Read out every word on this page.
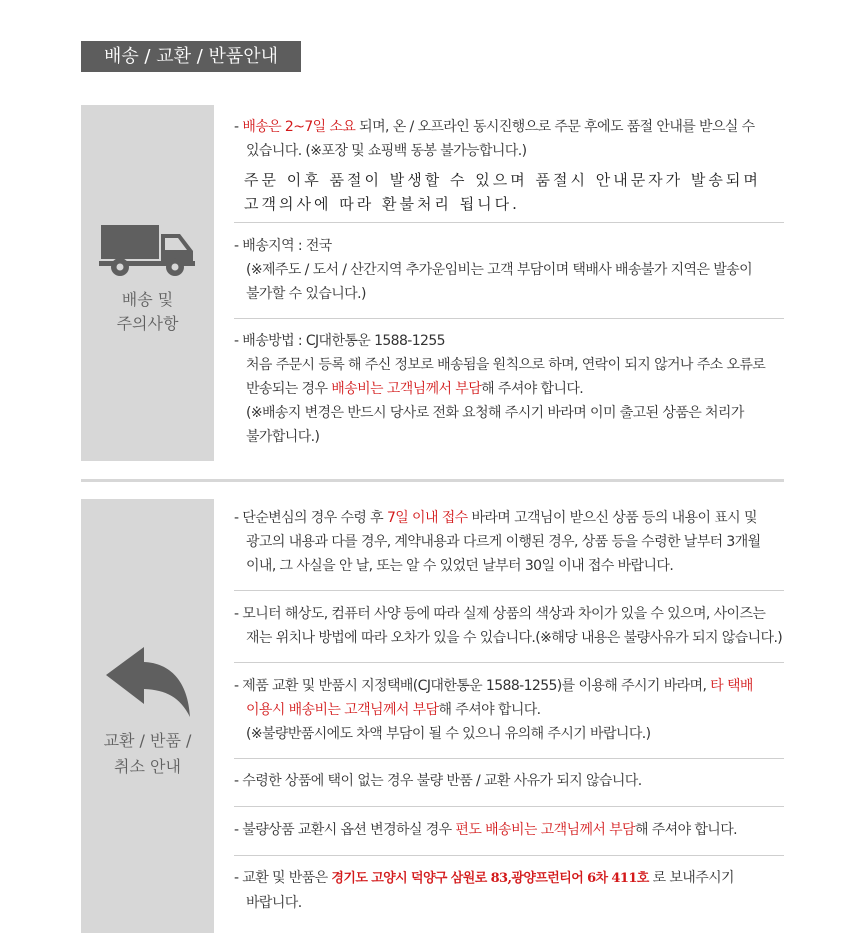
배송 / 교환 / 반품안내
배송 및
주의사항
- 배송은 2~7일 소요 되며, 온 / 오프라인 동시진행으로 주문 후에도 품절 안내를 받으실 수
있습니다. (※포장 및 쇼핑백 동봉 불가능합니다.)
주문 이후 품절이 발생할 수 있으며 품절시 안내문자가 발송되며
고객의사에 따라 환불처리 됩니다.
- 배송지역 : 전국
(※제주도 / 도서 / 산간지역 추가운임비는 고객 부담이며 택배사 배송불가 지역은 발송이
불가할 수 있습니다.)
- 배송방법 : CJ대한통운 1588-1255
처음 주문시 등록 해 주신 정보로 배송됨을 원칙으로 하며, 연락이 되지 않거나 주소 오류로
반송되는 경우 배송비는 고객님께서 부담해 주셔야 합니다.
(※배송지 변경은 반드시 당사로 전화 요청해 주시기 바라며 이미 출고된 상품은 처리가
불가합니다.)
교환 / 반품 /
취소 안내
- 단순변심의 경우 수령 후 7일 이내 접수 바라며 고객님이 받으신 상품 등의 내용이 표시 및
광고의 내용과 다를 경우, 계약내용과 다르게 이행된 경우, 상품 등을 수령한 날부터 3개월
이내, 그 사실을 안 날, 또는 알 수 있었던 날부터 30일 이내 접수 바랍니다.
- 모니터 해상도, 컴퓨터 사양 등에 따라 실제 상품의 색상과 차이가 있을 수 있으며, 사이즈는
재는 위치나 방법에 따라 오차가 있을 수 있습니다.(※해당 내용은 불량사유가 되지 않습니다.)
- 제품 교환 및 반품시 지정택배(CJ대한통운 1588-1255)를 이용해 주시기 바라며, 타 택배
이용시 배송비는 고객님께서 부담해 주셔야 합니다.
(※불량반품시에도 차액 부담이 될 수 있으니 유의해 주시기 바랍니다.)
- 수령한 상품에 택이 없는 경우 불량 반품 / 교환 사유가 되지 않습니다.
- 불량상품 교환시 옵션 변경하실 경우 편도 배송비는 고객님께서 부담해 주셔야 합니다.
- 교환 및 반품은 경기도 고양시 덕양구 삼원로 83,광양프런티어 6차 411호 로 보내주시기
바랍니다.
